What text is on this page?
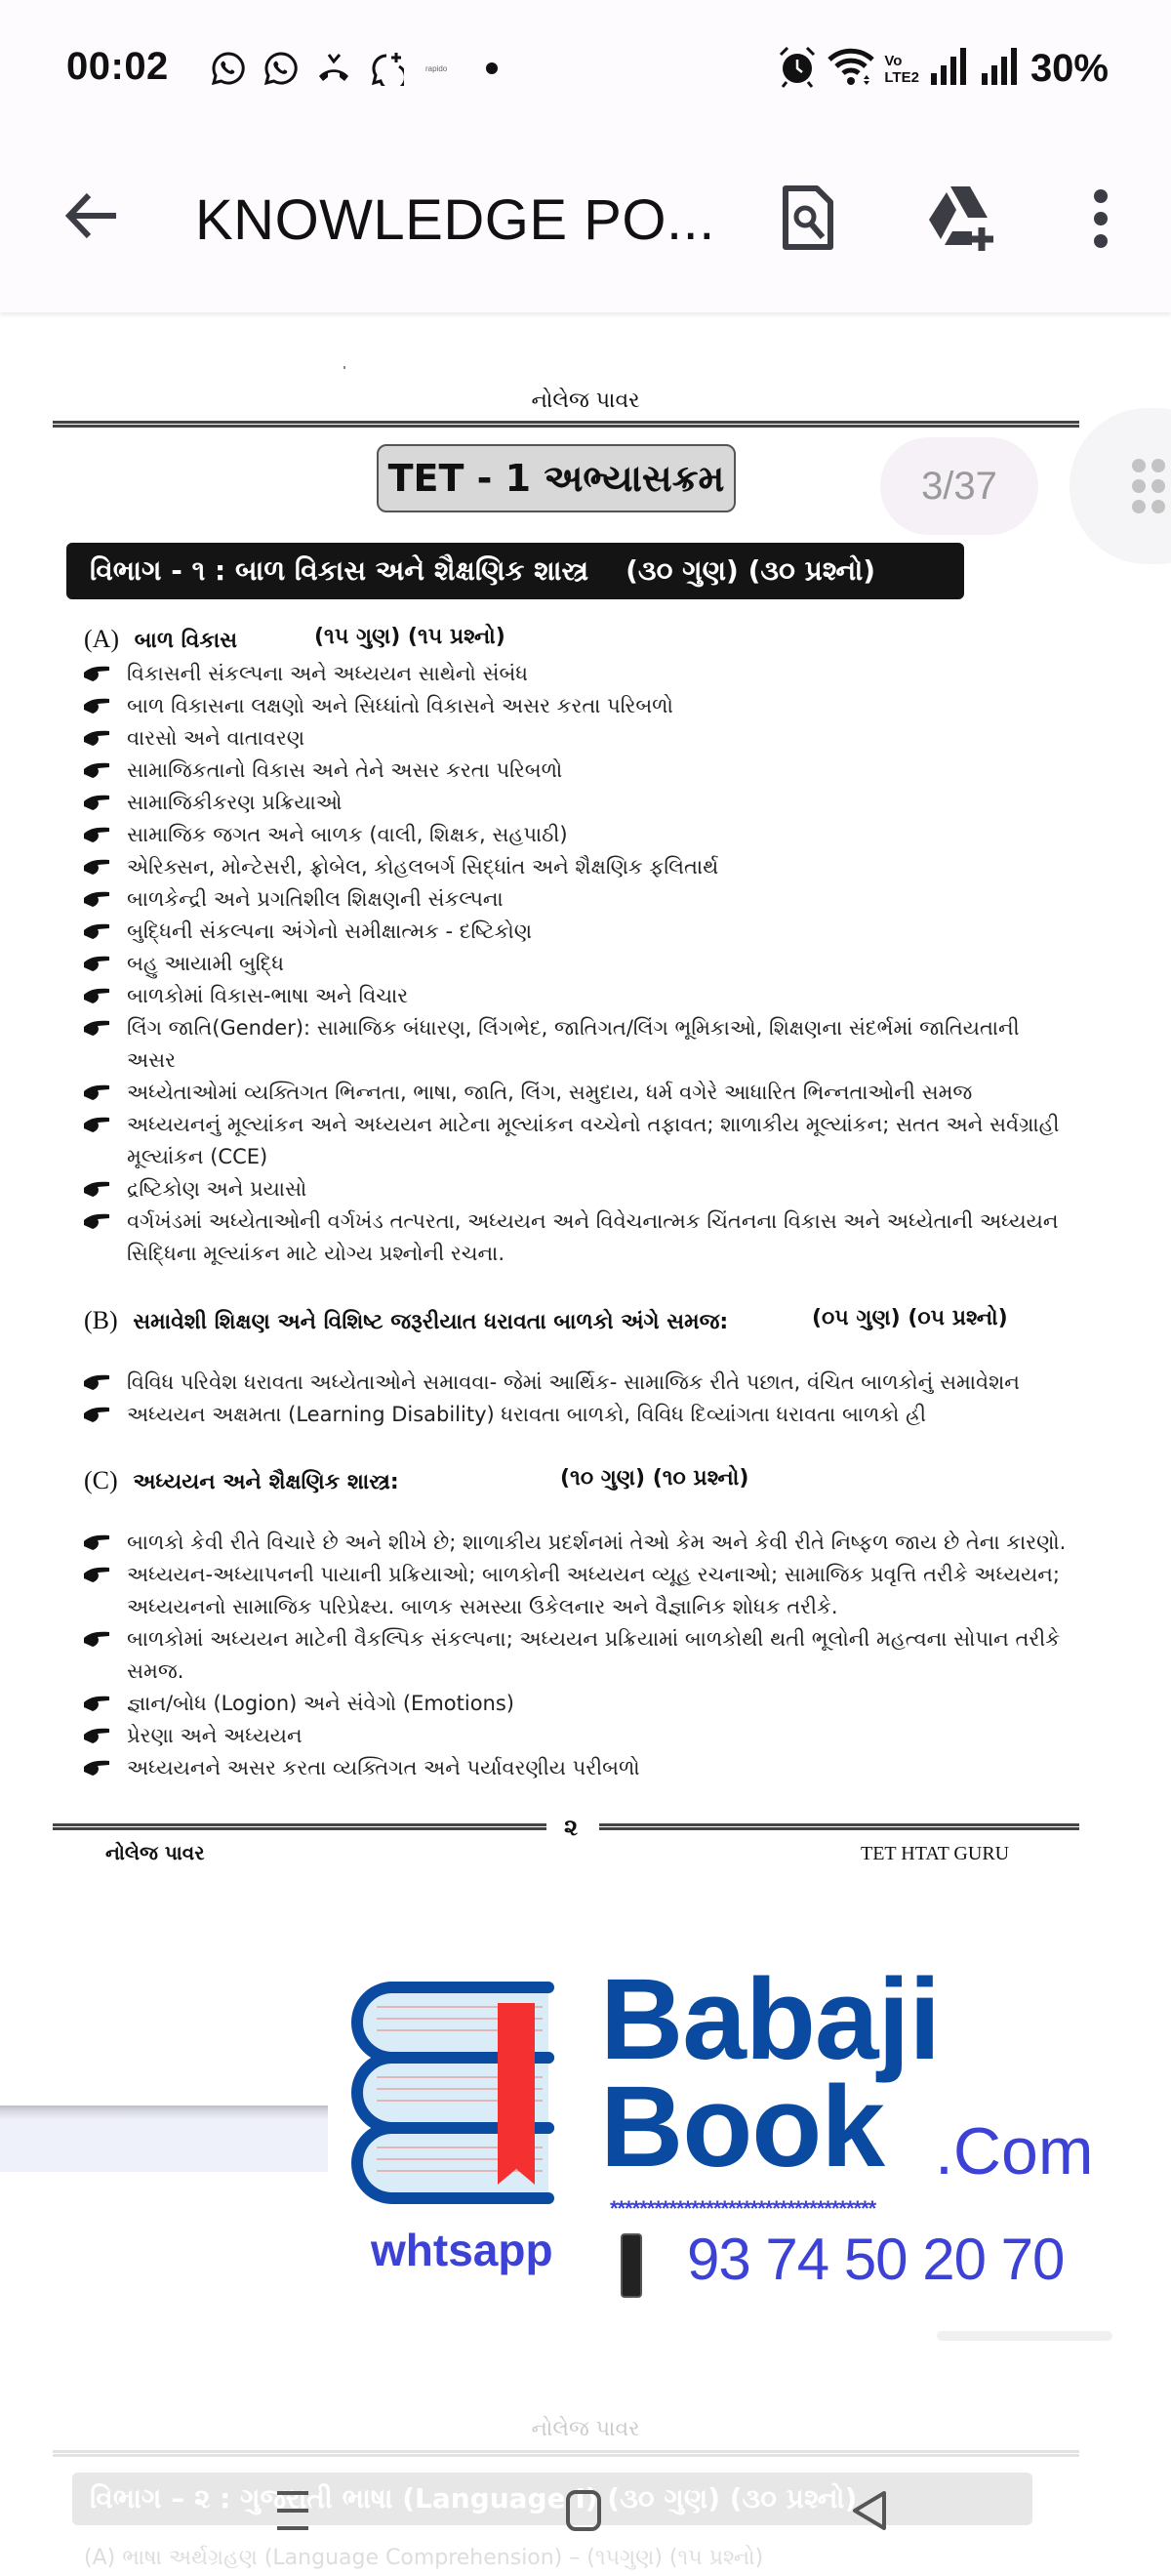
00:02	rapido	Vo
LTE2	30%
KNOWLEDGE PO...
નોલેજ પાવર
TET - 1 અભ્યાસક્રમ
વિભાગ - ૧ : બાળ વિકાસ અને શૈક્ષણિક શાસ્ત્ર (૩૦ ગુણ) (૩૦ પ્રશ્નો)
(A) બાળ વિકાસ	(૧૫ ગુણ) (૧૫ પ્રશ્નો)
વિકાસની સંકલ્પના અને અધ્યયન સાથેનો સંબંધ
બાળ વિકાસના લક્ષણો અને સિધ્ધાંતો વિકાસને અસર કરતા પરિબળો
વારસો અને વાતાવરણ
સામાજિકતાનો વિકાસ અને તેને અસર કરતા પરિબળો
સામાજિકીકરણ પ્રક્રિયાઓ
સામાજિક જગત અને બાળક (વાલી, શિક્ષક, સહપાઠી)
એરિક્સન, મોન્ટેસરી, ફ્રોબેલ, કોહલબર્ગ સિદ્ધાંત અને શૈક્ષણિક ફલિતાર્થ
બાળકેન્દ્રી અને પ્રગતિશીલ શિક્ષણની સંકલ્પના
બુદ્ધિની સંકલ્પના અંગેનો સમીક્ષાત્મક - દષ્ટિકોણ
બહુ આયામી બુદ્ધિ
બાળકોમાં વિકાસ-ભાષા અને વિચાર
લિંગ જાતિ(Gender): સામાજિક બંધારણ, લિંગભેદ, જાતિગત/લિંગ ભૂમિકાઓ, શિક્ષણના સંદર્ભમાં જાતિયતાની અસર
અધ્યેતાઓમાં વ્યક્તિગત ભિન્નતા, ભાષા, જાતિ, લિંગ, સમુદાય, ધર્મ વગેરે આધારિત ભિન્નતાઓની સમજ
અધ્યયનનું મૂલ્યાંકન અને અધ્યયન માટેના મૂલ્યાંકન વચ્ચેનો તફાવત; શાળાકીય મૂલ્યાંકન; સતત અને સર્વગ્રાહી મૂલ્યાંકન (CCE)
દ્રષ્ટિકોણ અને પ્રયાસો
વર્ગખંડમાં અધ્યેતાઓની વર્ગખંડ તત્પરતા, અધ્યયન અને વિવેચનાત્મક ચિંતનના વિકાસ અને અધ્યેતાની અધ્યયન સિદ્ધિના મૂલ્યાંકન માટે યોગ્ય પ્રશ્નોની રચના.
(B) સમાવેશી શિક્ષણ અને વિશિષ્ટ જરૂરીયાત ધરાવતા બાળકો અંગે સમજ:	(૦૫ ગુણ) (૦૫ પ્રશ્નો)
વિવિધ પરિવેશ ધરાવતા અધ્યેતાઓને સમાવવા- જેમાં આર્થિક- સામાજિક રીતે પછાત, વંચિત બાળકોનું સમાવેશન
અધ્યયન અક્ષમતા (Learning Disability) ધરાવતા બાળકો, વિવિધ દિવ્યાંગતા ધરાવતા બાળકો હ્રી
(C) અધ્યયન અને શૈક્ષણિક શાસ્ત્ર:	(૧૦ ગુણ) (૧૦ પ્રશ્નો)
બાળકો કેવી રીતે વિચારે છે અને શીખે છે; શાળાકીય પ્રદર્શનમાં તેઓ કેમ અને કેવી રીતે નિષ્ફળ જાય છે તેના કારણો.
અધ્યયન-અધ્યાપનની પાયાની પ્રક્રિયાઓ; બાળકોની અધ્યયન વ્યૂહ રચનાઓ; સામાજિક પ્રવૃત્તિ તરીકે અધ્યયન; અધ્યયનનો સામાજિક પરિપ્રેક્ષ્ય. બાળક સમસ્યા ઉકેલનાર અને વૈજ્ઞાનિક શોધક તરીકે.
બાળકોમાં અધ્યયન માટેની વૈકલ્પિક સંકલ્પના; અધ્યયન પ્રક્રિયામાં બાળકોથી થતી ભૂલોની મહત્વના સોપાન તરીકે સમજ.
જ્ઞાન/બોધ (Logion) અને સંવેગો (Emotions)
પ્રેરણા અને અધ્યયન
અધ્યયનને અસર કરતા વ્યક્તિગત અને પર્યાવરણીય પરીબળો
૨
નોલેજ પાવર	TET HTAT GURU
3/37
Babaji
Book .Com
************************************
whtsapp 93 74 50 20 70
નોલેજ પાવર
વિભાગ – ૨ : ગુજરાતી ભાષા (Language I) (૩૦ ગુણ) (૩૦ પ્રશ્નો)
(A) ભાષા અર્થગ્રહણ (Language Comprehension) – (૧૫ગુણ) (૧૫ પ્રશ્નો)
